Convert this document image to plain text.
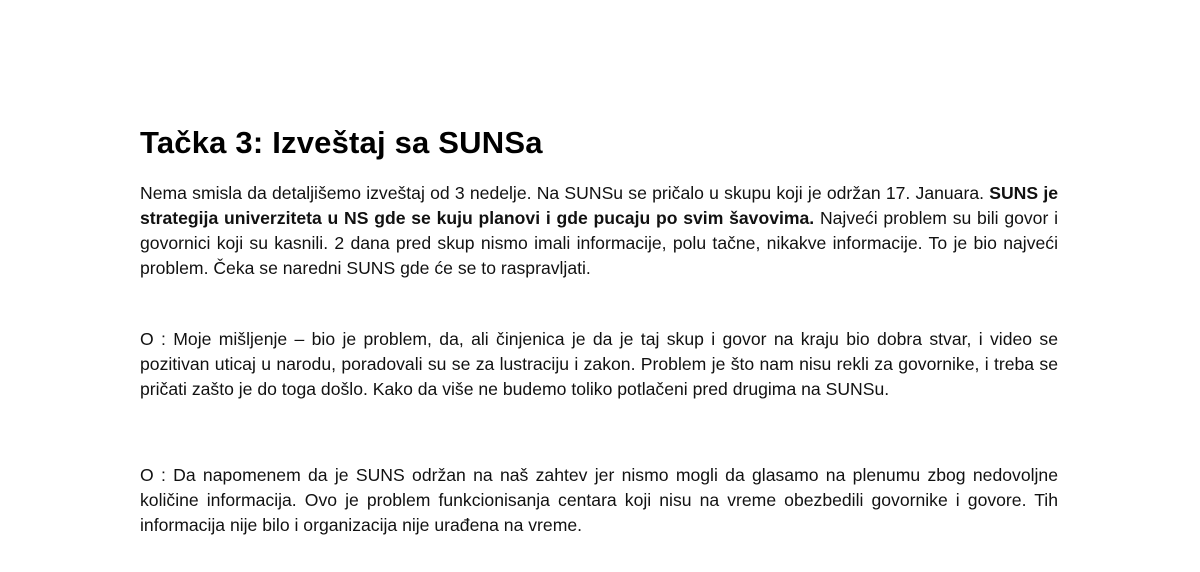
Tačka 3: Izveštaj sa SUNSa

Nema smisla da detaljišemo izveštaj od 3 nedelje. Na SUNSu se pričalo u skupu koji je održan 17. Januara. SUNS je strategija univerziteta u NS gde se kuju planovi i gde pucaju po svim šavovima. Najveći problem su bili govor i govornici koji su kasnili. 2 dana pred skup nismo imali informacije, polu tačne, nikakve informacije. To je bio najveći problem. Čeka se naredni SUNS gde će se to raspravljati.

O : Moje mišljenje – bio je problem, da, ali činjenica je da je taj skup i govor na kraju bio dobra stvar, i video se pozitivan uticaj u narodu, poradovali su se za lustraciju i zakon. Problem je što nam nisu rekli za govornike, i treba se pričati zašto je do toga došlo. Kako da više ne budemo toliko potlačeni pred drugima na SUNSu.

O : Da napomenem da je SUNS održan na naš zahtev jer nismo mogli da glasamo na plenumu zbog nedovoljne količine informacija. Ovo je problem funkcionisanja centara koji nisu na vreme obezbedili govornike i govore. Tih informacija nije bilo i organizacija nije urađena na vreme.
